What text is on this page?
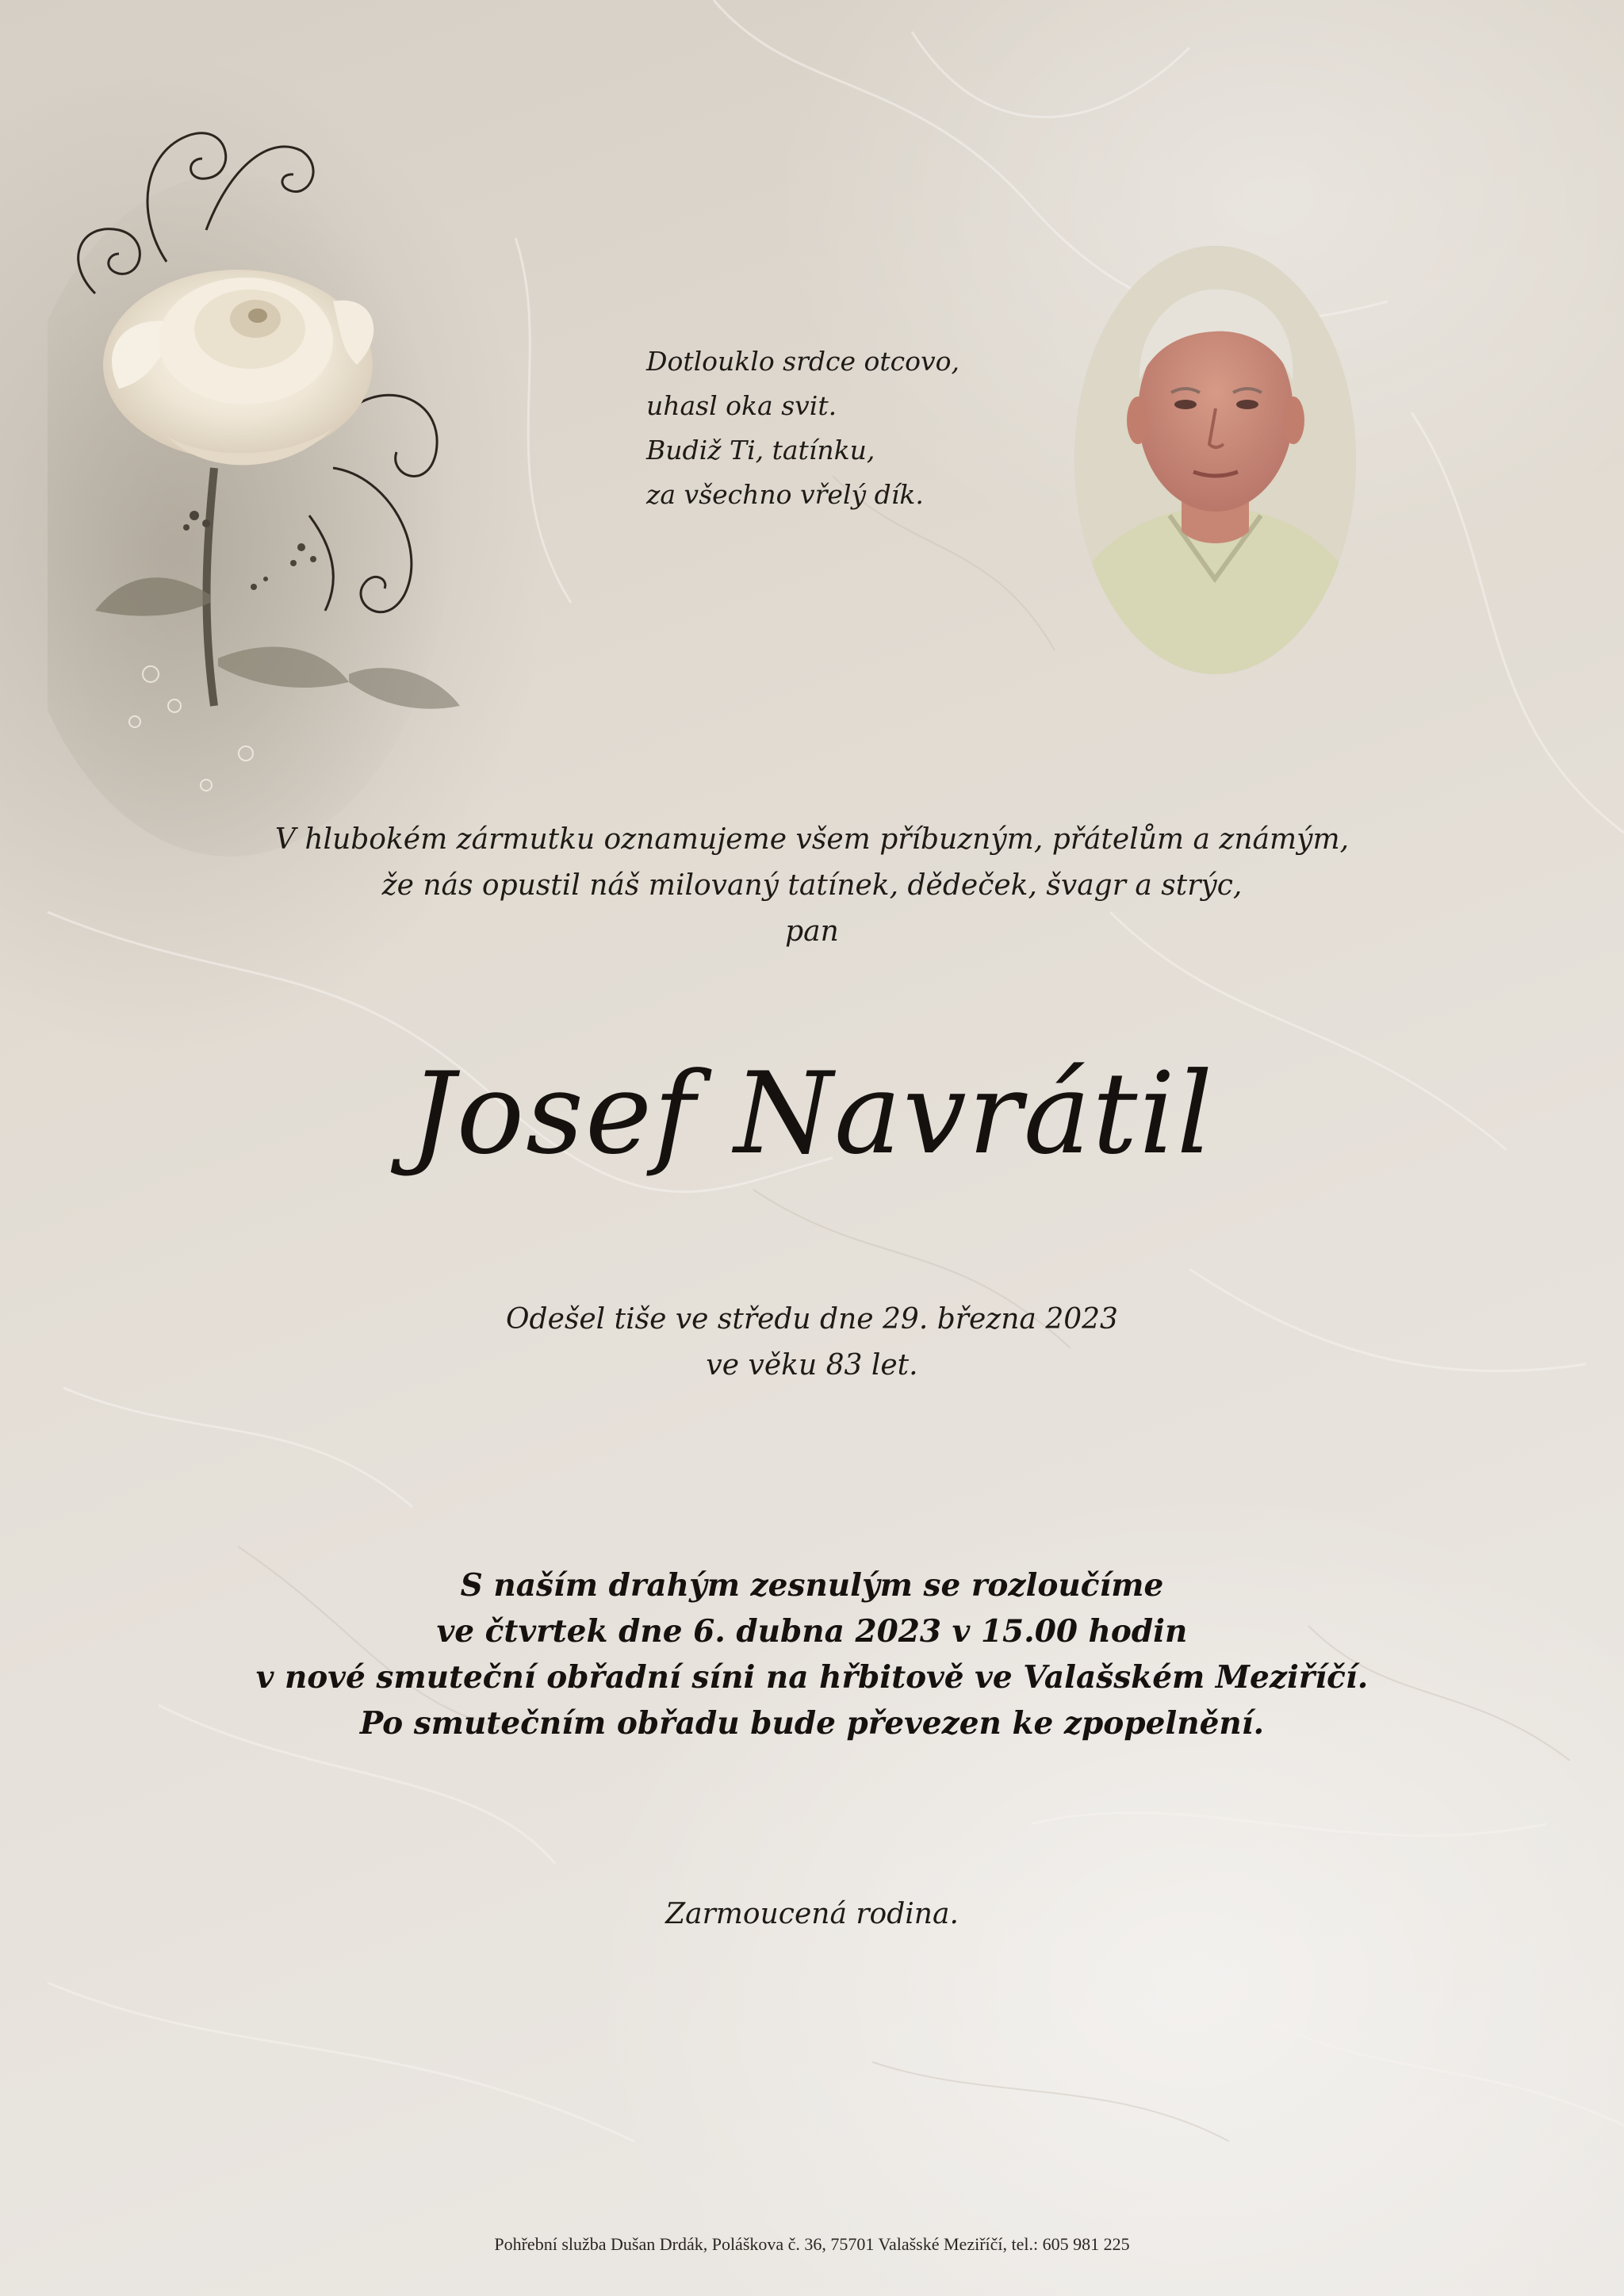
Dotlouklo srdce otcovo,
uhasl oka svit.
Budiž Ti, tatínku,
za všechno vřelý dík.
V hlubokém zármutku oznamujeme všem příbuzným, přátelům a známým,
že nás opustil náš milovaný tatínek, dědeček, švagr a strýc,
pan
Josef Navrátil
Odešel tiše ve středu dne 29. března 2023
ve věku 83 let.
S naším drahým zesnulým se rozloučíme
ve čtvrtek dne 6. dubna 2023 v 15.00 hodin
v nové smuteční obřadní síni na hřbitově ve Valašském Meziříčí.
Po smutečním obřadu bude převezen ke zpopelnění.
Zarmoucená rodina.
Pohřební služba Dušan Drdák, Poláškova č. 36, 75701 Valašské Meziříčí, tel.: 605 981 225
